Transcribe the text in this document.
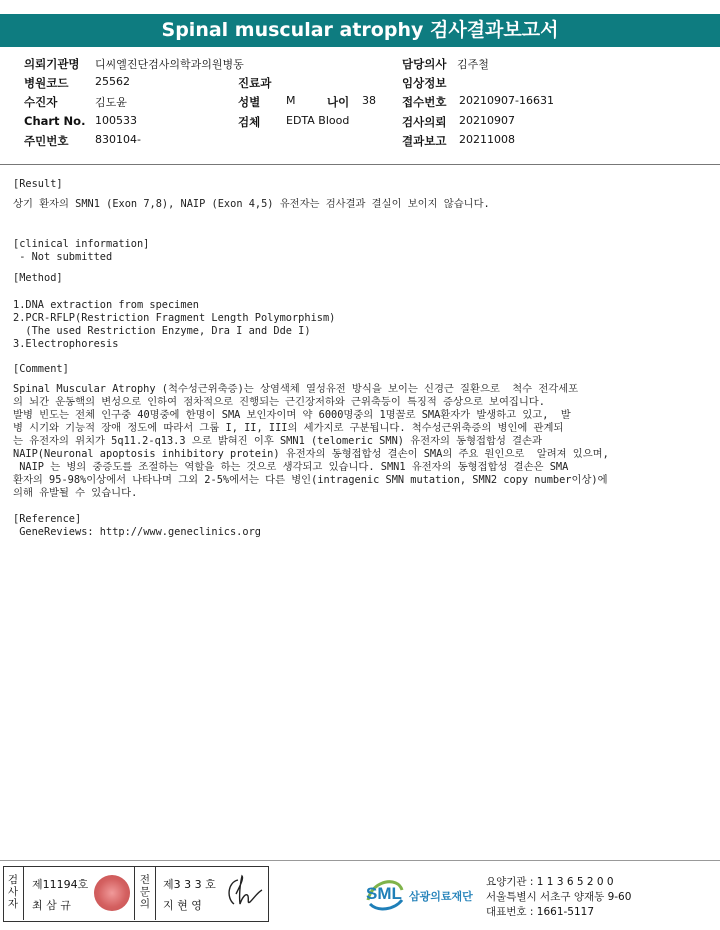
Spinal muscular atrophy 검사결과보고서
의뢰기관명 디씨엘진단검사의학과의원병동	담당의사 김주철
병원코드 25562	진료과	임상정보
수진자	김도윤	성별 M	나이 38 접수번호 20210907-16631
Chart No. 100533	검체 EDTA Blood	검사의뢰 20210907
주민번호 830104-	결과보고 20211008
[Result]
상기 환자의 SMN1 (Exon 7,8), NAIP (Exon 4,5) 유전자는 검사결과 결실이 보이지 않습니다.
[clinical information]
- Not submitted
[Method]
1.DNA extraction from specimen
2.PCR-RFLP(Restriction Fragment Length Polymorphism)
(The used Restriction Enzyme, Dra I and Dde I)
3.Electrophoresis
[Comment]
Spinal Muscular Atrophy (척수성근위축증)는 상염색체 열성유전 방식을 보이는 신경근 질환으로  척수 전각세포
의 뇌간 운동핵의 변성으로 인하여 점차적으로 진행되는 근긴장저하와 근위축등이 특징적 증상으로 보여집니다.
발병 빈도는 전체 인구중 40명중에 한명이 SMA 보인자이며 약 6000명중의 1명꼴로 SMA환자가 발생하고 있고,  발
병 시기와 기능적 장애 정도에 따라서 그룹 I, II, III의 세가지로 구분됩니다. 척수성근위축증의 병인에 관계되
는 유전자의 위치가 5q11.2-q13.3 으로 밝혀진 이후 SMN1 (telomeric SMN) 유전자의 동형접합성 결손과
NAIP(Neuronal apoptosis inhibitory protein) 유전자의 동형접합성 결손이 SMA의 주요 원인으로  알려져 있으며,
NAIP 는 병의 중증도를 조절하는 역할을 하는 것으로 생각되고 있습니다. SMN1 유전자의 동형접합성 결손은 SMA
환자의 95-98%이상에서 나타나며 그외 2-5%에서는 다른 병인(intragenic SMN mutation, SMN2 copy number이상)에
의해 유발될 수 있습니다.
[Reference]
GeneReviews: http://www.geneclinics.org
검
사
자
제11194호
최 삼 규
전
문
의
제3 3 3 호
지 현 영
SML 삼광의료재단
요양기관 : 1 1 3 6 5 2 0 0
서울특별시 서초구 양재동 9-60
대표번호 : 1661-5117
